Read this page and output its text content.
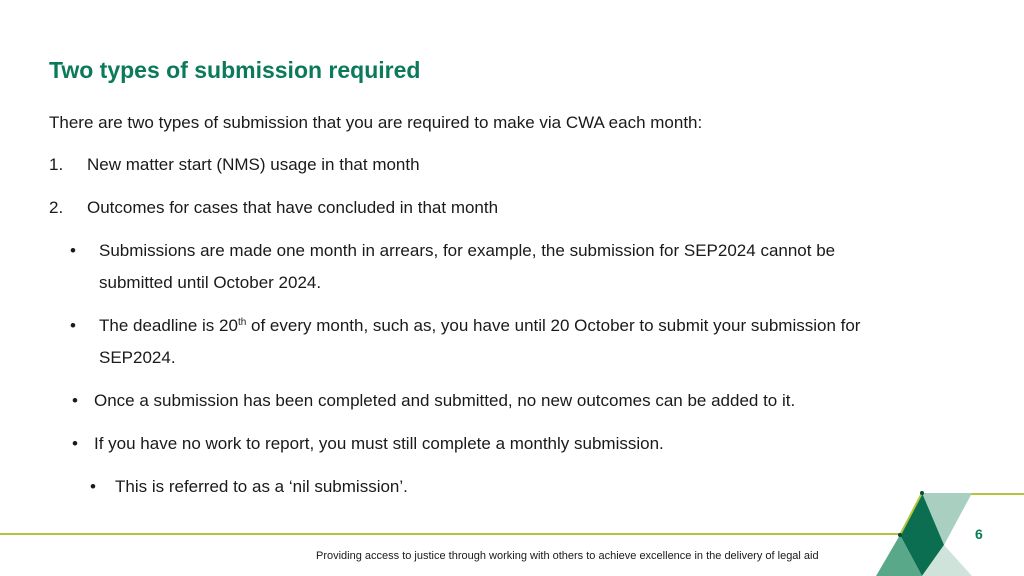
Two types of submission required
There are two types of submission that you are required to make via CWA each month:
1. New matter start (NMS) usage in that month
2. Outcomes for cases that have concluded in that month
• Submissions are made one month in arrears, for example, the submission for SEP2024 cannot be
submitted until October 2024.
• The deadline is 20th of every month, such as, you have until 20 October to submit your submission for
SEP2024.
• Once a submission has been completed and submitted, no new outcomes can be added to it.
• If you have no work to report, you must still complete a monthly submission.
• This is referred to as a ‘nil submission’.
6
Providing access to justice through working with others to achieve excellence in the delivery of legal aid
